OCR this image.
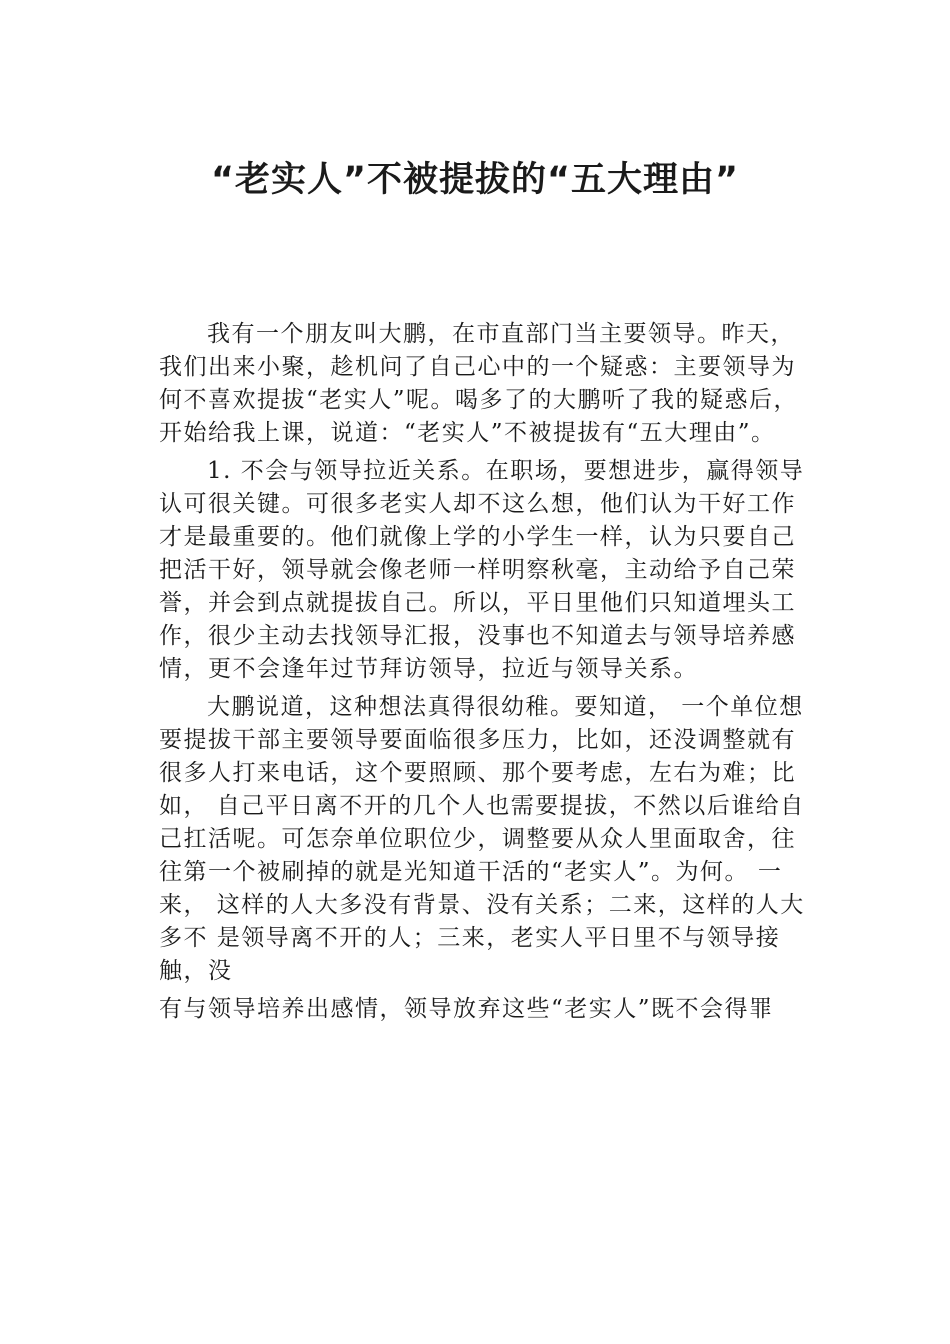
“老实人”不被提拔的“五大理由”

我有一个朋友叫大鹏，在市直部门当主要领导。昨天，

我们出来小聚，趁机问了自己心中的一个疑惑：主要领导为

何不喜欢提拔“老实人”呢。喝多了的大鹏听了我的疑惑后，

开始给我上课，说道：“老实人”不被提拔有“五大理由”。

1. 不会与领导拉近关系。在职场，要想进步，赢得领导

认可很关键。可很多老实人却不这么想，他们认为干好工作

才是最重要的。他们就像上学的小学生一样，认为只要自己

把活干好，领导就会像老师一样明察秋毫，主动给予自己荣

誉，并会到点就提拔自己。所以，平日里他们只知道埋头工

作，很少主动去找领导汇报，没事也不知道去与领导培养感

情，更不会逢年过节拜访领导，拉近与领导关系。

大鹏说道，这种想法真得很幼稚。要知道， 一个单位想

要提拔干部主要领导要面临很多压力，比如，还没调整就有

很多人打来电话，这个要照顾、那个要考虑，左右为难；比

如， 自己平日离不开的几个人也需要提拔，不然以后谁给自

己扛活呢。可怎奈单位职位少，调整要从众人里面取舍，往

往第一个被刷掉的就是光知道干活的“老实人”。为何。 一

来， 这样的人大多没有背景、没有关系；二来，这样的人大

多不 是领导离不开的人；三来，老实人平日里不与领导接

触，没

有与领导培养出感情，领导放弃这些“老实人”既不会得罪
